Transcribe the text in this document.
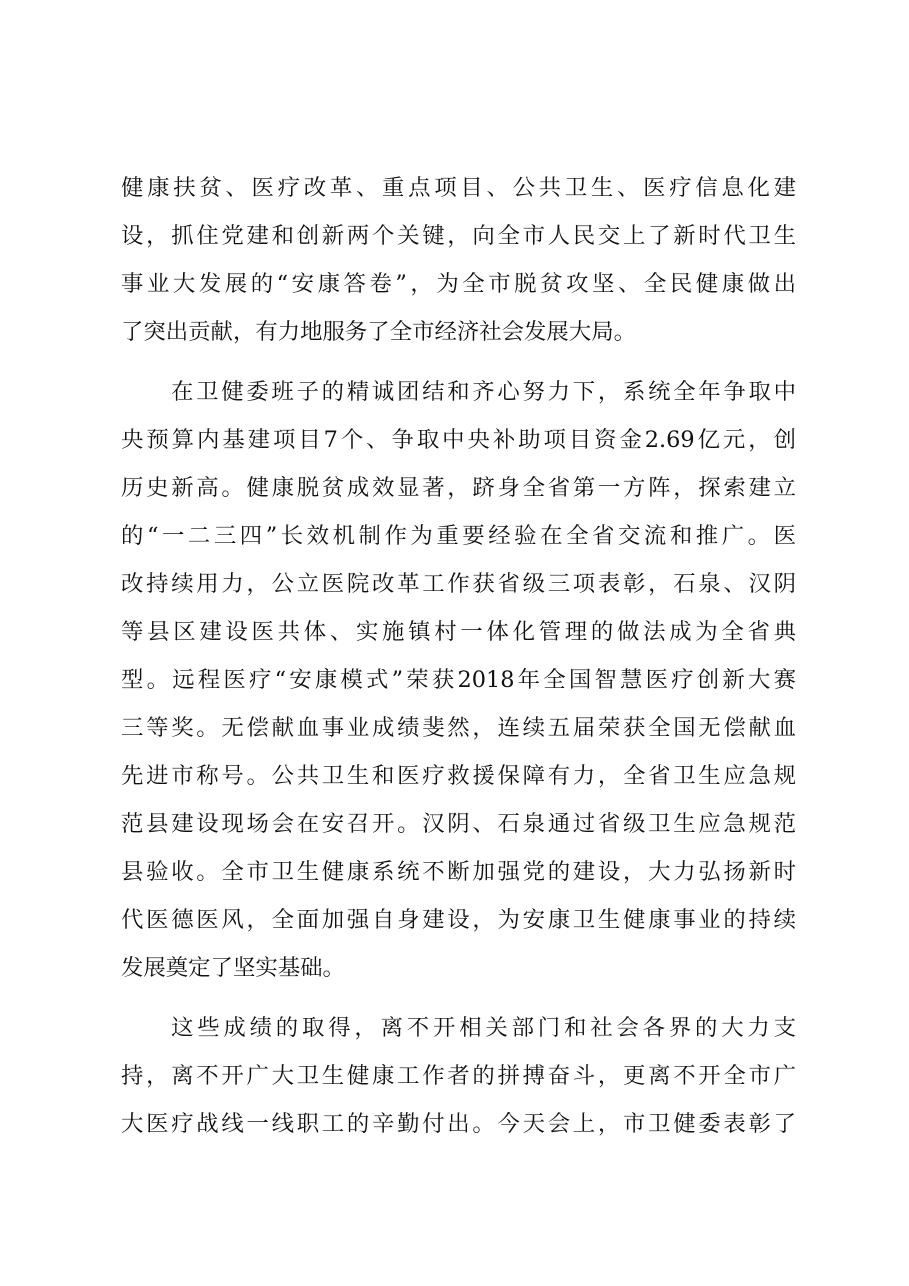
健康扶贫、医疗改革、重点项目、公共卫生、医疗信息化建
设，抓住党建和创新两个关键，向全市人民交上了新时代卫生
事业大发展的“安康答卷”，为全市脱贫攻坚、全民健康做出
了突出贡献，有力地服务了全市经济社会发展大局。
在卫健委班子的精诚团结和齐心努力下，系统全年争取中
央预算内基建项目7个、争取中央补助项目资金2.69亿元，创
历史新高。健康脱贫成效显著，跻身全省第一方阵，探索建立
的“一二三四”长效机制作为重要经验在全省交流和推广。医
改持续用力，公立医院改革工作获省级三项表彰，石泉、汉阴
等县区建设医共体、实施镇村一体化管理的做法成为全省典
型。远程医疗“安康模式”荣获2018年全国智慧医疗创新大赛
三等奖。无偿献血事业成绩斐然，连续五届荣获全国无偿献血
先进市称号。公共卫生和医疗救援保障有力，全省卫生应急规
范县建设现场会在安召开。汉阴、石泉通过省级卫生应急规范
县验收。全市卫生健康系统不断加强党的建设，大力弘扬新时
代医德医风，全面加强自身建设，为安康卫生健康事业的持续
发展奠定了坚实基础。
这些成绩的取得，离不开相关部门和社会各界的大力支
持，离不开广大卫生健康工作者的拼搏奋斗，更离不开全市广
大医疗战线一线职工的辛勤付出。今天会上，市卫健委表彰了
